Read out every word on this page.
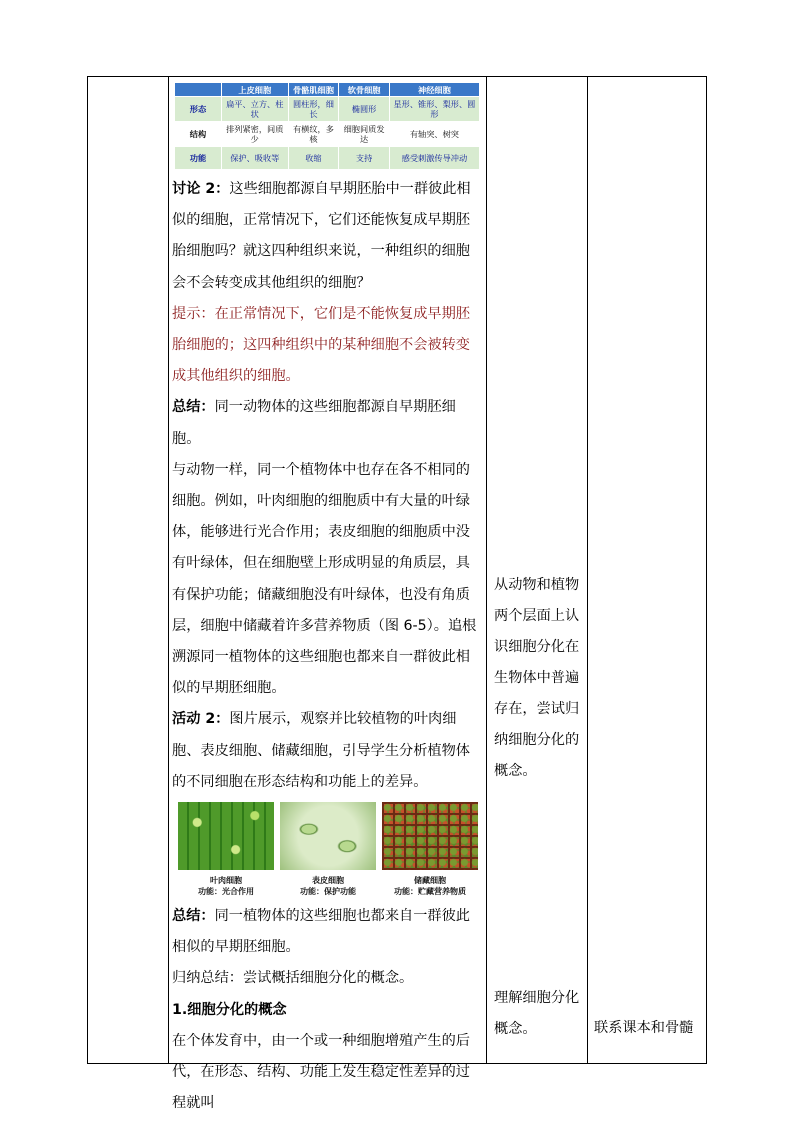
	上皮细胞	骨骼肌细胞	软骨细胞	神经细胞
形态	扁平、立方、柱状	圆柱形，细长	椭圆形	星形、锥形、梨形、圆形
结构	排列紧密，间质少	有横纹，多核	细胞间质发达	有轴突、树突
功能	保护、吸收等	收缩	支持	感受刺激传导冲动

讨论 2：这些细胞都源自早期胚胎中一群彼此相似的细胞，正常情况下，它们还能恢复成早期胚胎细胞吗？就这四种组织来说，一种组织的细胞会不会转变成其他组织的细胞？

提示：在正常情况下，它们是不能恢复成早期胚胎细胞的；这四种组织中的某种细胞不会被转变成其他组织的细胞。

总结：同一动物体的这些细胞都源自早期胚细胞。

与动物一样，同一个植物体中也存在各不相同的细胞。例如，叶肉细胞的细胞质中有大量的叶绿体，能够进行光合作用；表皮细胞的细胞质中没有叶绿体，但在细胞壁上形成明显的角质层，具有保护功能；储藏细胞没有叶绿体，也没有角质层，细胞中储藏着许多营养物质（图 6-5）。追根溯源同一植物体的这些细胞也都来自一群彼此相似的早期胚细胞。

活动 2：图片展示，观察并比较植物的叶肉细胞、表皮细胞、储藏细胞，引导学生分析植物体的不同细胞在形态结构和功能上的差异。

叶肉细胞
功能：光合作用
表皮细胞
功能：保护功能
储藏细胞
功能：贮藏营养物质

总结：同一植物体的这些细胞也都来自一群彼此相似的早期胚细胞。

归纳总结：尝试概括细胞分化的概念。

1.细胞分化的概念

在个体发育中，由一个或一种细胞增殖产生的后代，在形态、结构、功能上发生稳定性差异的过程就叫

从动物和植物两个层面上认识细胞分化在生物体中普遍存在，尝试归纳细胞分化的概念。
理解细胞分化概念。	联系课本和骨髓
